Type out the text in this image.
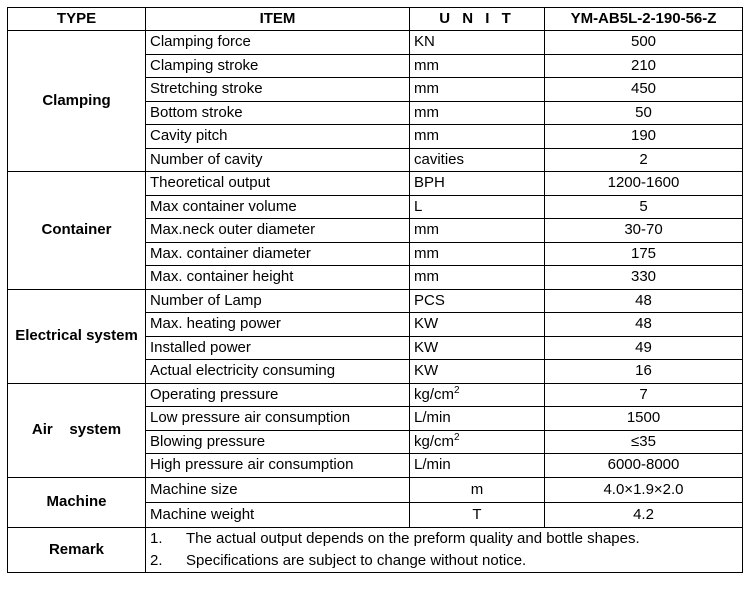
TYPE	ITEM	U N I T	YM-AB5L-2-190-56-Z
Clamping	Clamping force	KN	500
	Clamping stroke	mm	210
	Stretching stroke	mm	450
	Bottom stroke	mm	50
	Cavity pitch	mm	190
	Number of cavity	cavities	2
Container	Theoretical output	BPH	1200-1600
	Max container volume	L	5
	Max.neck outer diameter	mm	30-70
	Max. container diameter	mm	175
	Max. container height	mm	330
Electrical system	Number of Lamp	PCS	48
	Max. heating power	KW	48
	Installed power	KW	49
	Actual electricity consuming	KW	16
Air    system	Operating pressure	$kg/cm^2$	7
	Low pressure air consumption	L/min	1500
	Blowing pressure	$kg/cm^2$	≤35
	High pressure air consumption	L/min	6000-8000
Machine	Machine size	m	4.0×1.9×2.0
	Machine weight	T	4.2
Remark	1. The actual output depends on the preform quality and bottle shapes.
2. Specifications are subject to change without notice.		
